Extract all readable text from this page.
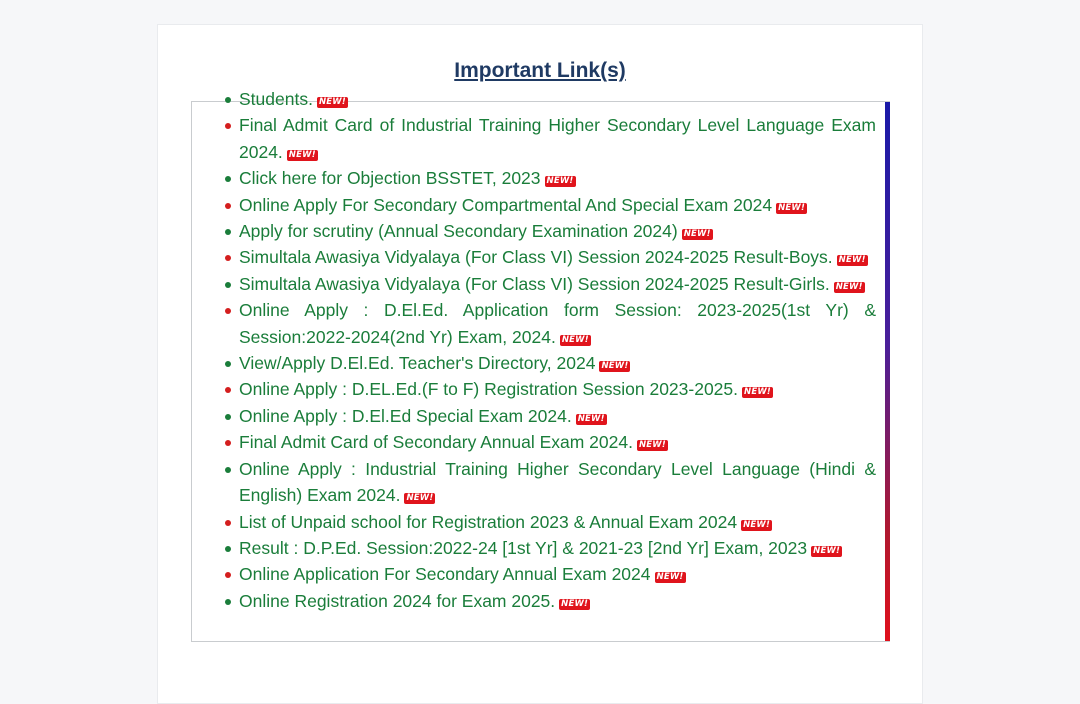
Important Link(s)
Students. NEW!
Final Admit Card of Industrial Training Higher Secondary Level Language Exam 2024. NEW!
Click here for Objection BSSTET, 2023 NEW!
Online Apply For Secondary Compartmental And Special Exam 2024 NEW!
Apply for scrutiny (Annual Secondary Examination 2024) NEW!
Simultala Awasiya Vidyalaya (For Class VI) Session 2024-2025 Result-Boys. NEW!
Simultala Awasiya Vidyalaya (For Class VI) Session 2024-2025 Result-Girls. NEW!
Online Apply : D.El.Ed. Application form Session: 2023-2025(1st Yr) & Session:2022-2024(2nd Yr) Exam, 2024. NEW!
View/Apply D.El.Ed. Teacher's Directory, 2024 NEW!
Online Apply : D.EL.Ed.(F to F) Registration Session 2023-2025. NEW!
Online Apply : D.El.Ed Special Exam 2024. NEW!
Final Admit Card of Secondary Annual Exam 2024. NEW!
Online Apply : Industrial Training Higher Secondary Level Language (Hindi & English) Exam 2024. NEW!
List of Unpaid school for Registration 2023 & Annual Exam 2024 NEW!
Result : D.P.Ed. Session:2022-24 [1st Yr] & 2021-23 [2nd Yr] Exam, 2023 NEW!
Online Application For Secondary Annual Exam 2024 NEW!
Online Registration 2024 for Exam 2025. NEW!
